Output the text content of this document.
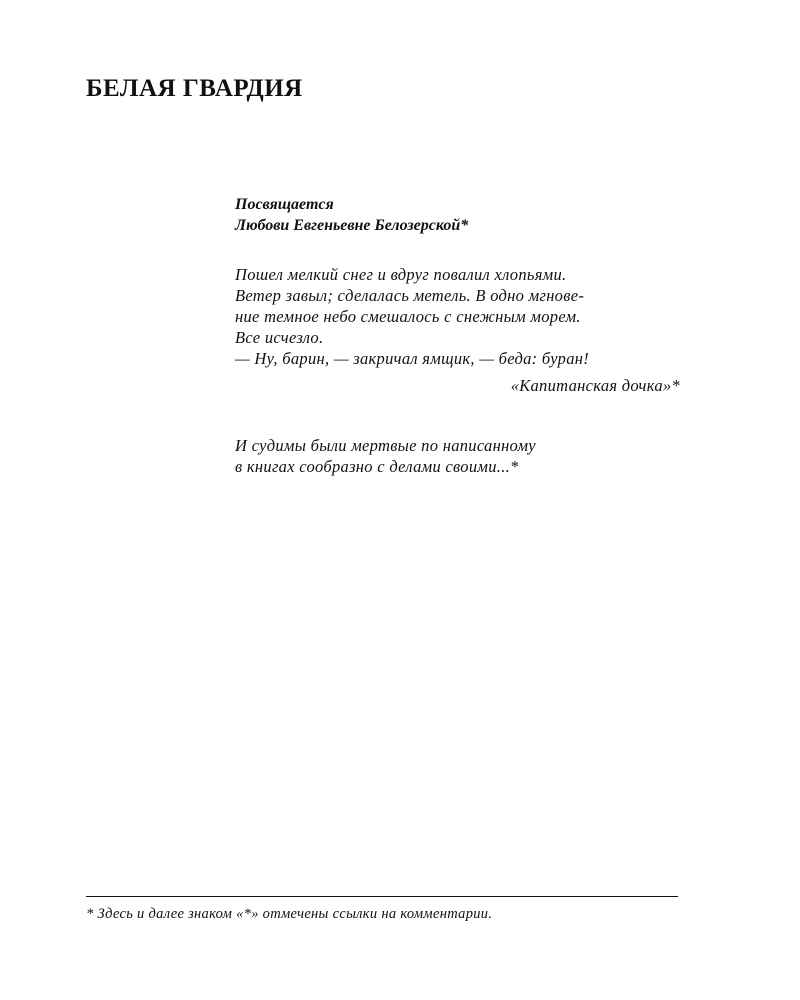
БЕЛАЯ ГВАРДИЯ
Посвящается
Любови Евгеньевне Белозерской*
Пошел мелкий снег и вдруг повалил хлопьями.
Ветер завыл; сделалась метель. В одно мгнове-
ние темное небо смешалось с снежным морем.
Все исчезло.
— Ну, барин, — закричал ямщик, — беда: буран!
«Капитанская дочка»*
И судимы были мертвые по написанному
в книгах сообразно с делами своими...*
* Здесь и далее знаком «*» отмечены ссылки на комментарии.
